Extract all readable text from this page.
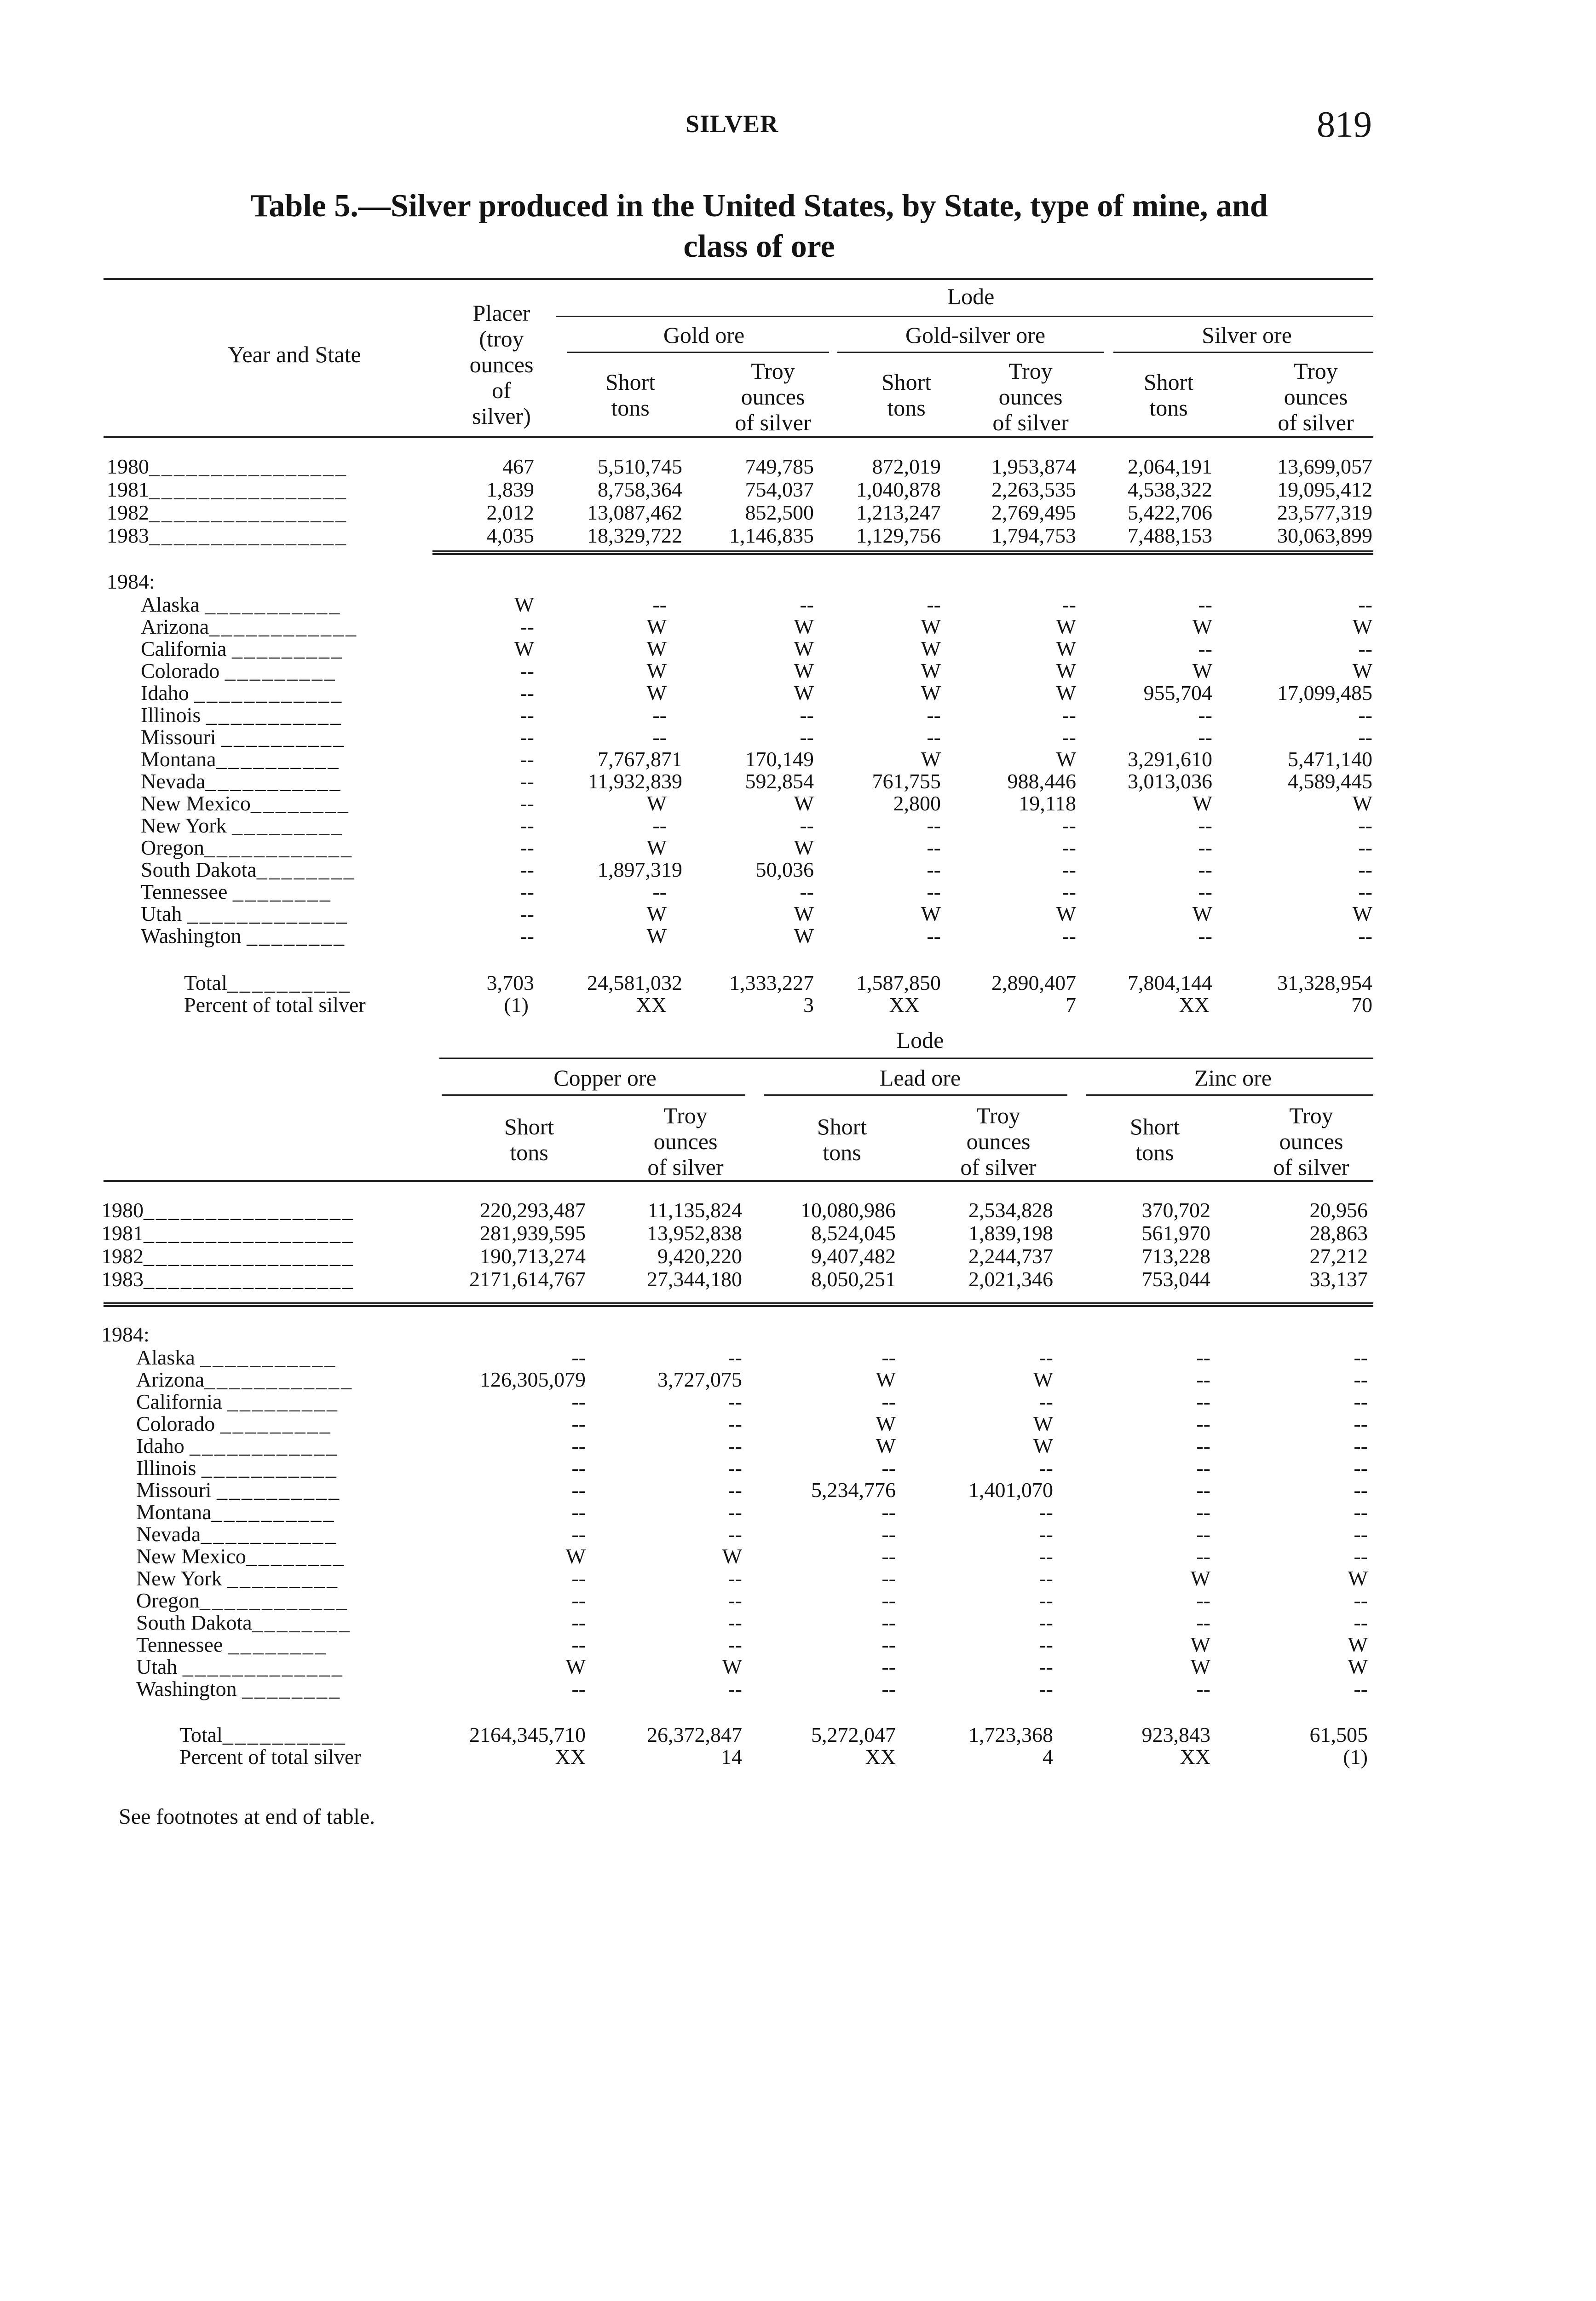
SILVER	819
Table 5.—Silver produced in the United States, by State, type of mine, and
class of ore
Year and State
Placer
(troy
ounces
of
silver)
Lode
Gold ore	Gold-silver ore	Silver ore
Short
tons
Troy
ounces
of silver
Short
tons
Troy
ounces
of silver
Short
tons
Troy
ounces
of silver
1980________________	467	5,510,745	749,785	872,019 1,953,874 2,064,191	13,699,057
1981________________	1,839	8,758,364	754,037 1,040,878 2,263,535 4,538,322	19,095,412
1982________________	2,012	13,087,462	852,500 1,213,247 2,769,495 5,422,706	23,577,319
1983________________	4,035	18,329,722 1,146,835 1,129,756 1,794,753 7,488,153	30,063,899
1984:
Alaska ___________	W	--	--	--	--	--	--
Arizona____________	--	W	W	W	W	W	W
California _________	W	W	W	W	W	--	--
Colorado _________	--	W	W	W	W	W	W
Idaho ____________	--	W	W	W	W	955,704	17,099,485
Illinois ___________	--	--	--	--	--	--	--
Missouri __________	--	--	--	--	--	--	--
Montana__________	--	7,767,871	170,149	W	W 3,291,610	5,471,140
Nevada___________	--	11,932,839	592,854	761,755	988,446 3,013,036	4,589,445
New Mexico________	--	W	W	2,800	19,118	W	W
New York _________	--	--	--	--	--	--	--
Oregon____________	--	W	W	--	--	--	--
South Dakota________	--	1,897,319	50,036	--	--	--	--
Tennessee ________	--	--	--	--	--	--	--
Utah _____________	--	W	W	W	W	W	W
Washington ________	--	W	W	--	--	--	--
Total__________	3,703	24,581,032 1,333,227 1,587,850 2,890,407 7,804,144	31,328,954
Percent of total silver	(1)	XX	3	XX	7	XX	70
Lode
Copper ore	Lead ore	Zinc ore
Short
tons
Troy
ounces
of silver
Short
tons
Troy
ounces
of silver
Short
tons
Troy
ounces
of silver
1980_________________	220,293,487	11,135,824	10,080,986	2,534,828	370,702	20,956
1981_________________	281,939,595	13,952,838	8,524,045	1,839,198	561,970	28,863
1982_________________	190,713,274	9,420,220	9,407,482	2,244,737	713,228	27,212
1983_________________	2171,614,767	27,344,180	8,050,251	2,021,346	753,044	33,137
1984:
Alaska ___________	--	--	--	--	--	--
Arizona____________	126,305,079	3,727,075	W	W	--	--
California _________	--	--	--	--	--	--
Colorado _________	--	--	W	W	--	--
Idaho ____________	--	--	W	W	--	--
Illinois ___________	--	--	--	--	--	--
Missouri __________	--	--	5,234,776	1,401,070	--	--
Montana__________	--	--	--	--	--	--
Nevada___________	--	--	--	--	--	--
New Mexico________	W	W	--	--	--	--
New York _________	--	--	--	--	W	W
Oregon____________	--	--	--	--	--	--
South Dakota________	--	--	--	--	--	--
Tennessee ________	--	--	--	--	W	W
Utah _____________	W	W	--	--	W	W
Washington ________	--	--	--	--	--	--
Total__________	2164,345,710	26,372,847	5,272,047	1,723,368	923,843	61,505
Percent of total silver	XX	14	XX	4	XX	(1)
See footnotes at end of table.
